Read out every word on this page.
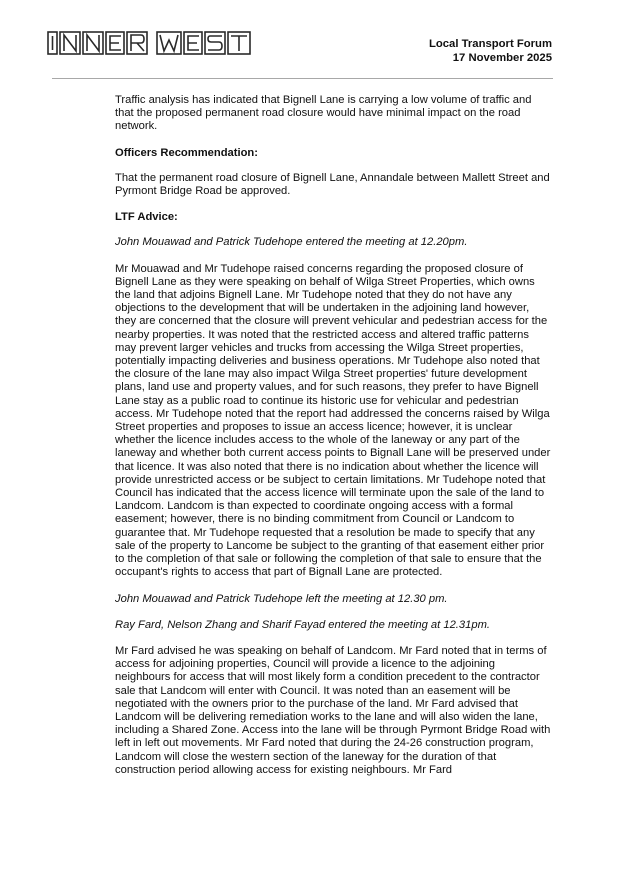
Local Transport Forum
17 November 2025

Traffic analysis has indicated that Bignell Lane is carrying a low volume of traffic and that the proposed permanent road closure would have minimal impact on the road network.

Officers Recommendation:

That the permanent road closure of Bignell Lane, Annandale between Mallett Street and Pyrmont Bridge Road be approved.

LTF Advice:

John Mouawad and Patrick Tudehope entered the meeting at 12.20pm.

Mr Mouawad and Mr Tudehope raised concerns regarding the proposed closure of Bignell Lane as they were speaking on behalf of Wilga Street Properties, which owns the land that adjoins Bignell Lane. Mr Tudehope noted that they do not have any objections to the development that will be undertaken in the adjoining land however, they are concerned that the closure will prevent vehicular and pedestrian access for the nearby properties. It was noted that the restricted access and altered traffic patterns may prevent larger vehicles and trucks from accessing the Wilga Street properties, potentially impacting deliveries and business operations. Mr Tudehope also noted that the closure of the lane may also impact Wilga Street properties' future development plans, land use and property values, and for such reasons, they prefer to have Bignell Lane stay as a public road to continue its historic use for vehicular and pedestrian access. Mr Tudehope noted that the report had addressed the concerns raised by Wilga Street properties and proposes to issue an access licence; however, it is unclear whether the licence includes access to the whole of the laneway or any part of the laneway and whether both current access points to Bignall Lane will be preserved under that licence. It was also noted that there is no indication about whether the licence will provide unrestricted access or be subject to certain limitations. Mr Tudehope noted that Council has indicated that the access licence will terminate upon the sale of the land to Landcom. Landcom is than expected to coordinate ongoing access with a formal easement; however, there is no binding commitment from Council or Landcom to guarantee that. Mr Tudehope requested that a resolution be made to specify that any sale of the property to Lancome be subject to the granting of that easement either prior to the completion of that sale or following the completion of that sale to ensure that the occupant's rights to access that part of Bignall Lane are protected.

John Mouawad and Patrick Tudehope left the meeting at 12.30 pm.

Ray Fard, Nelson Zhang and Sharif Fayad entered the meeting at 12.31pm.

Mr Fard advised he was speaking on behalf of Landcom. Mr Fard noted that in terms of access for adjoining properties, Council will provide a licence to the adjoining neighbours for access that will most likely form a condition precedent to the contractor sale that Landcom will enter with Council. It was noted than an easement will be negotiated with the owners prior to the purchase of the land. Mr Fard advised that Landcom will be delivering remediation works to the lane and will also widen the lane, including a Shared Zone. Access into the lane will be through Pyrmont Bridge Road with left in left out movements. Mr Fard noted that during the 24-26 construction program, Landcom will close the western section of the laneway for the duration of that construction period allowing access for existing neighbours. Mr Fard
